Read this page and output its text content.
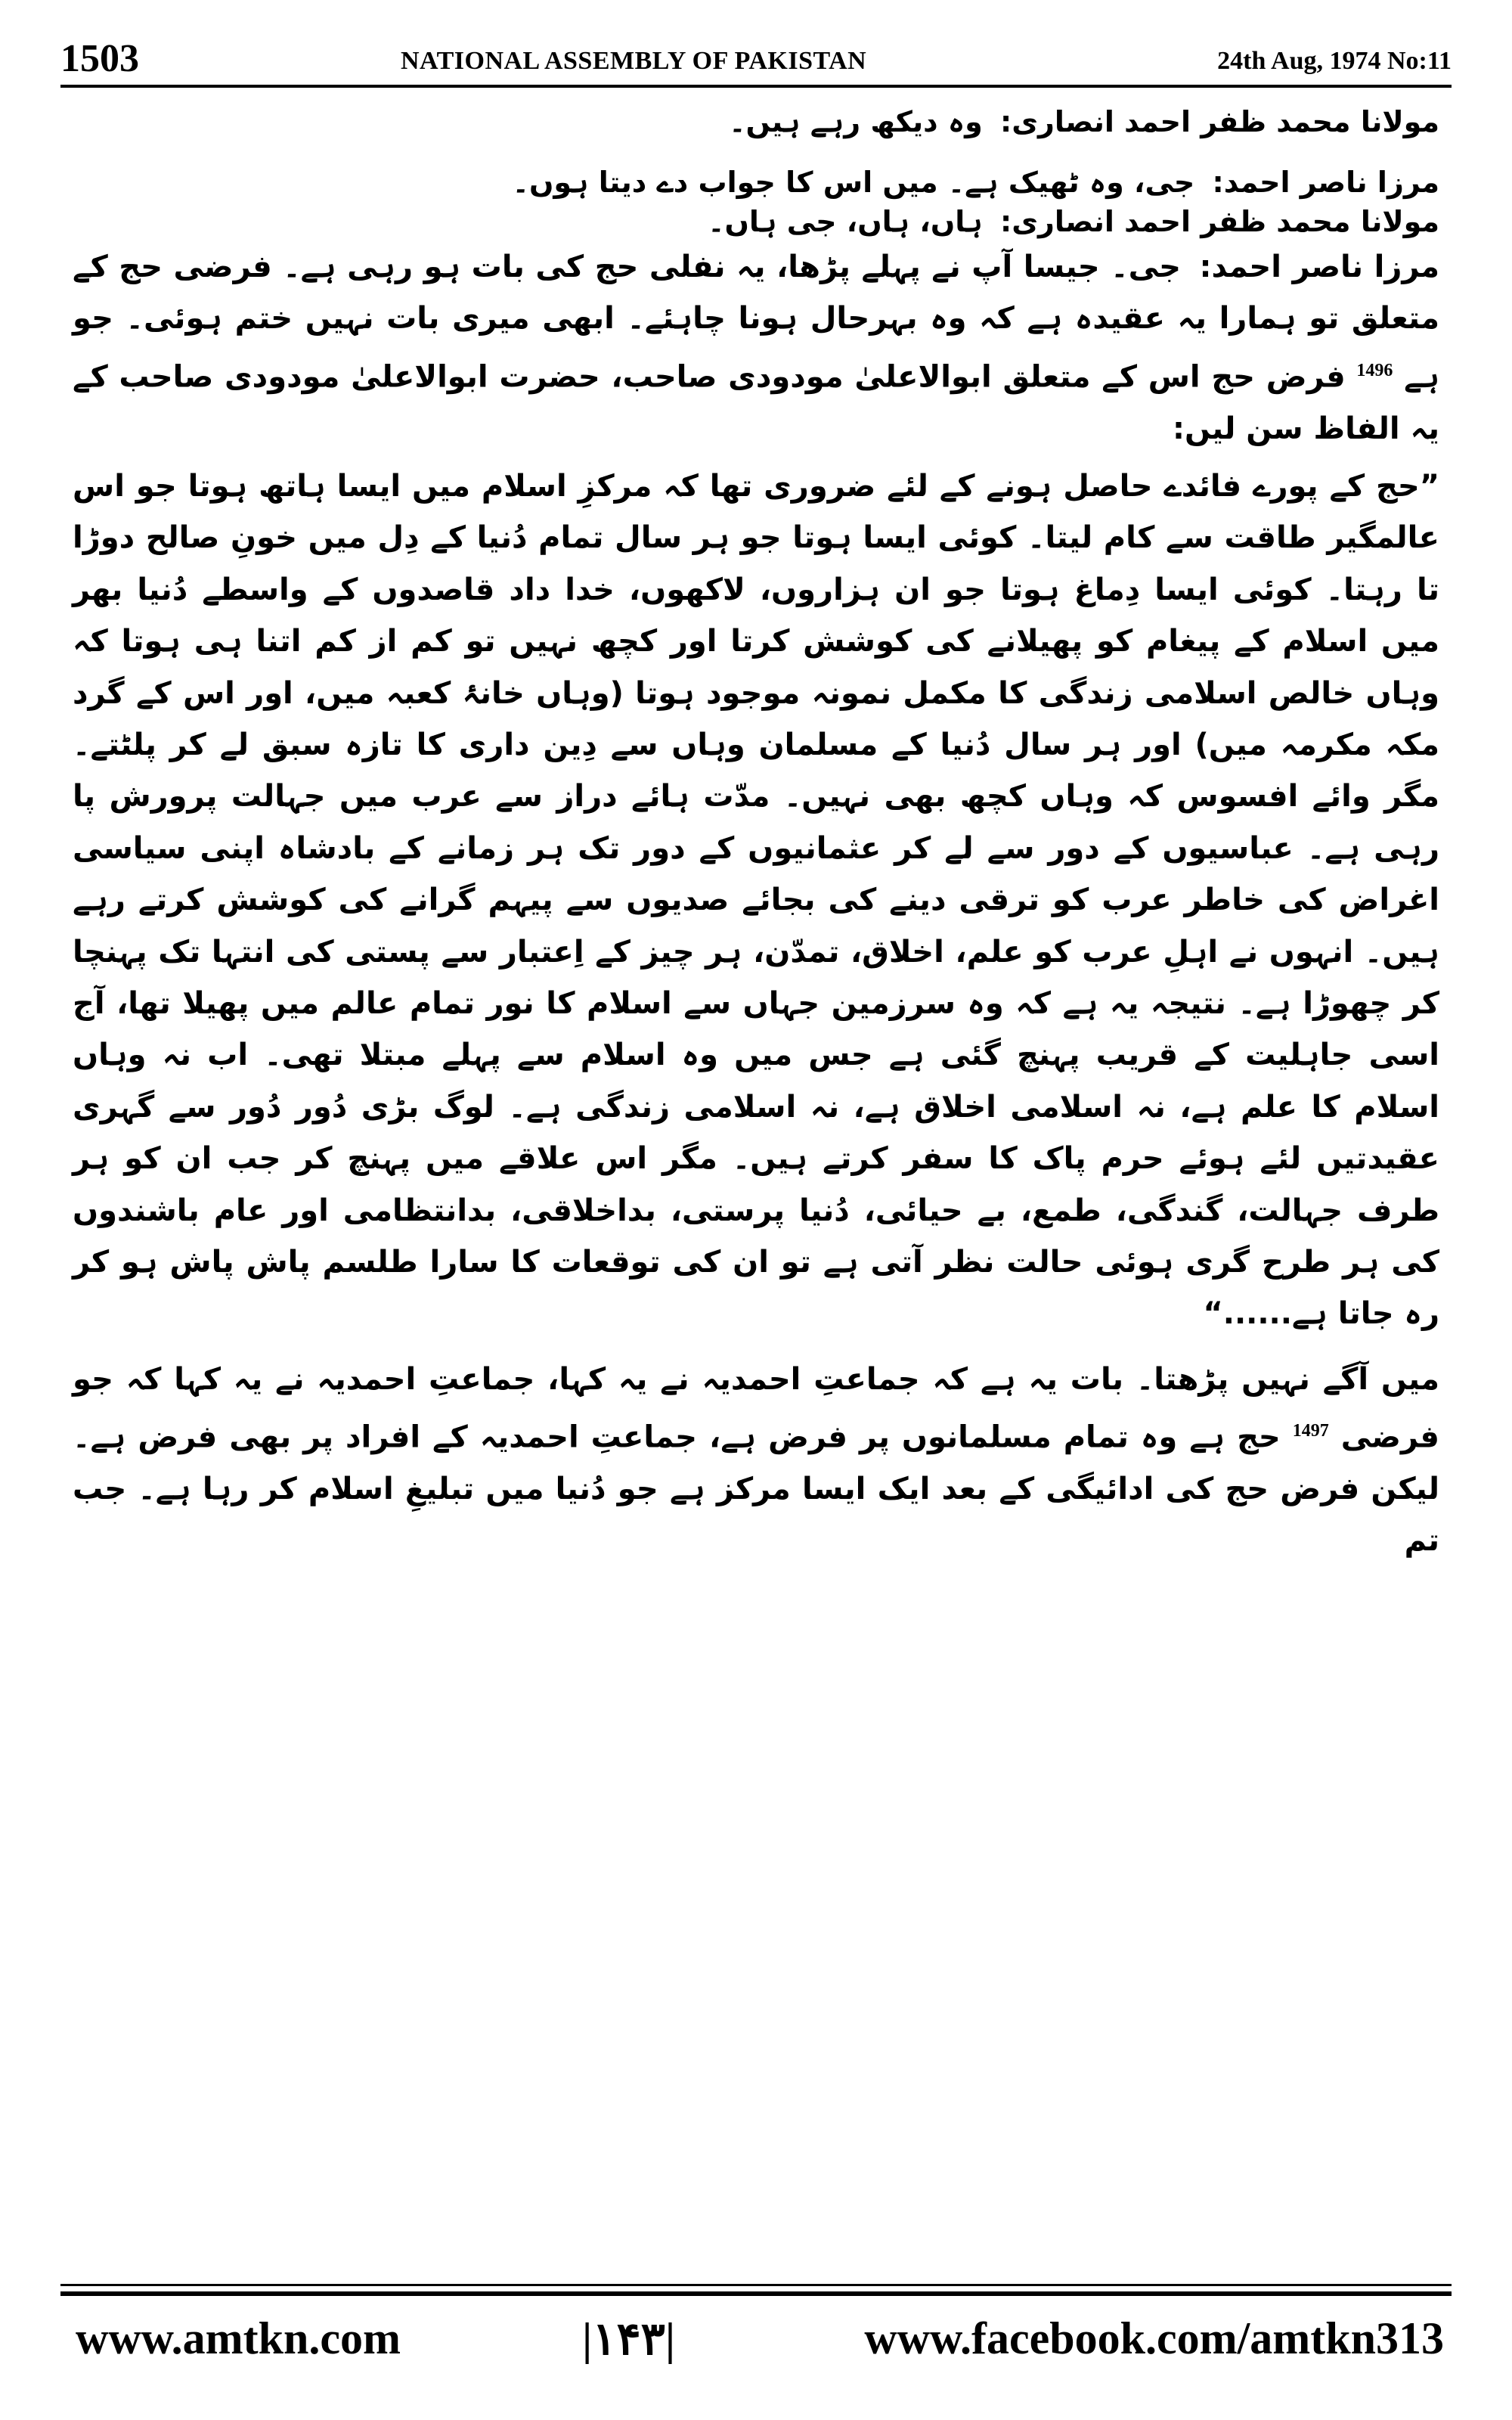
1503	NATIONAL ASSEMBLY OF PAKISTAN	24th Aug, 1974 No:11
مولانا محمد ظفر احمد انصاری: وہ دیکھ رہے ہیں۔
مرزا ناصر احمد: جی، وہ ٹھیک ہے۔ میں اس کا جواب دے دیتا ہوں۔
مولانا محمد ظفر احمد انصاری: ہاں، ہاں، جی ہاں۔
مرزا ناصر احمد: جی۔ جیسا آپ نے پہلے پڑھا، یہ نفلی حج کی بات ہو رہی ہے۔ فرضی حج کے متعلق تو ہمارا یہ عقیدہ ہے کہ وہ بہرحال ہونا چاہئے۔ ابھی میری بات نہیں ختم ہوئی۔ جو ہے $^{1496}$ فرض حج اس کے متعلق ابوالاعلیٰ مودودی صاحب، حضرت ابوالاعلیٰ مودودی صاحب کے یہ الفاظ سن لیں:
”حج کے پورے فائدے حاصل ہونے کے لئے ضروری تھا کہ مرکزِ اسلام میں ایسا ہاتھ ہوتا جو اس عالمگیر طاقت سے کام لیتا۔ کوئی ایسا ہوتا جو ہر سال تمام دُنیا کے دِل میں خونِ صالح دوڑا تا رہتا۔ کوئی ایسا دِماغ ہوتا جو ان ہزاروں، لاکھوں، خدا داد قاصدوں کے واسطے دُنیا بھر میں اسلام کے پیغام کو پھیلانے کی کوشش کرتا اور کچھ نہیں تو کم از کم اتنا ہی ہوتا کہ وہاں خالص اسلامی زندگی کا مکمل نمونہ موجود ہوتا (وہاں خانۂ کعبہ میں، اور اس کے گرد مکہ مکرمہ میں) اور ہر سال دُنیا کے مسلمان وہاں سے دِین داری کا تازہ سبق لے کر پلٹتے۔ مگر وائے افسوس کہ وہاں کچھ بھی نہیں۔ مدّت ہائے دراز سے عرب میں جہالت پرورش پا رہی ہے۔ عباسیوں کے دور سے لے کر عثمانیوں کے دور تک ہر زمانے کے بادشاہ اپنی سیاسی اغراض کی خاطر عرب کو ترقی دینے کی بجائے صدیوں سے پیہم گرانے کی کوشش کرتے رہے ہیں۔ انہوں نے اہلِ عرب کو علم، اخلاق، تمدّن، ہر چیز کے اِعتبار سے پستی کی انتہا تک پہنچا کر چھوڑا ہے۔ نتیجہ یہ ہے کہ وہ سرزمین جہاں سے اسلام کا نور تمام عالم میں پھیلا تھا، آج اسی جاہلیت کے قریب پہنچ گئی ہے جس میں وہ اسلام سے پہلے مبتلا تھی۔ اب نہ وہاں اسلام کا علم ہے، نہ اسلامی اخلاق ہے، نہ اسلامی زندگی ہے۔ لوگ بڑی دُور دُور سے گہری عقیدتیں لئے ہوئے حرم پاک کا سفر کرتے ہیں۔ مگر اس علاقے میں پہنچ کر جب ان کو ہر طرف جہالت، گندگی، طمع، بے حیائی، دُنیا پرستی، بداخلاقی، بدانتظامی اور عام باشندوں کی ہر طرح گری ہوئی حالت نظر آتی ہے تو ان کی توقعات کا سارا طلسم پاش پاش ہو کر رہ جاتا ہے......“
میں آگے نہیں پڑھتا۔ بات یہ ہے کہ جماعتِ احمدیہ نے یہ کہا، جماعتِ احمدیہ نے یہ کہا کہ جو فرضی $^{1497}$ حج ہے وہ تمام مسلمانوں پر فرض ہے، جماعتِ احمدیہ کے افراد پر بھی فرض ہے۔ لیکن فرض حج کی ادائیگی کے بعد ایک ایسا مرکز ہے جو دُنیا میں تبلیغِ اسلام کر رہا ہے۔ جب تم
www.amtkn.com	|۱۴۳|	www.facebook.com/amtkn313
